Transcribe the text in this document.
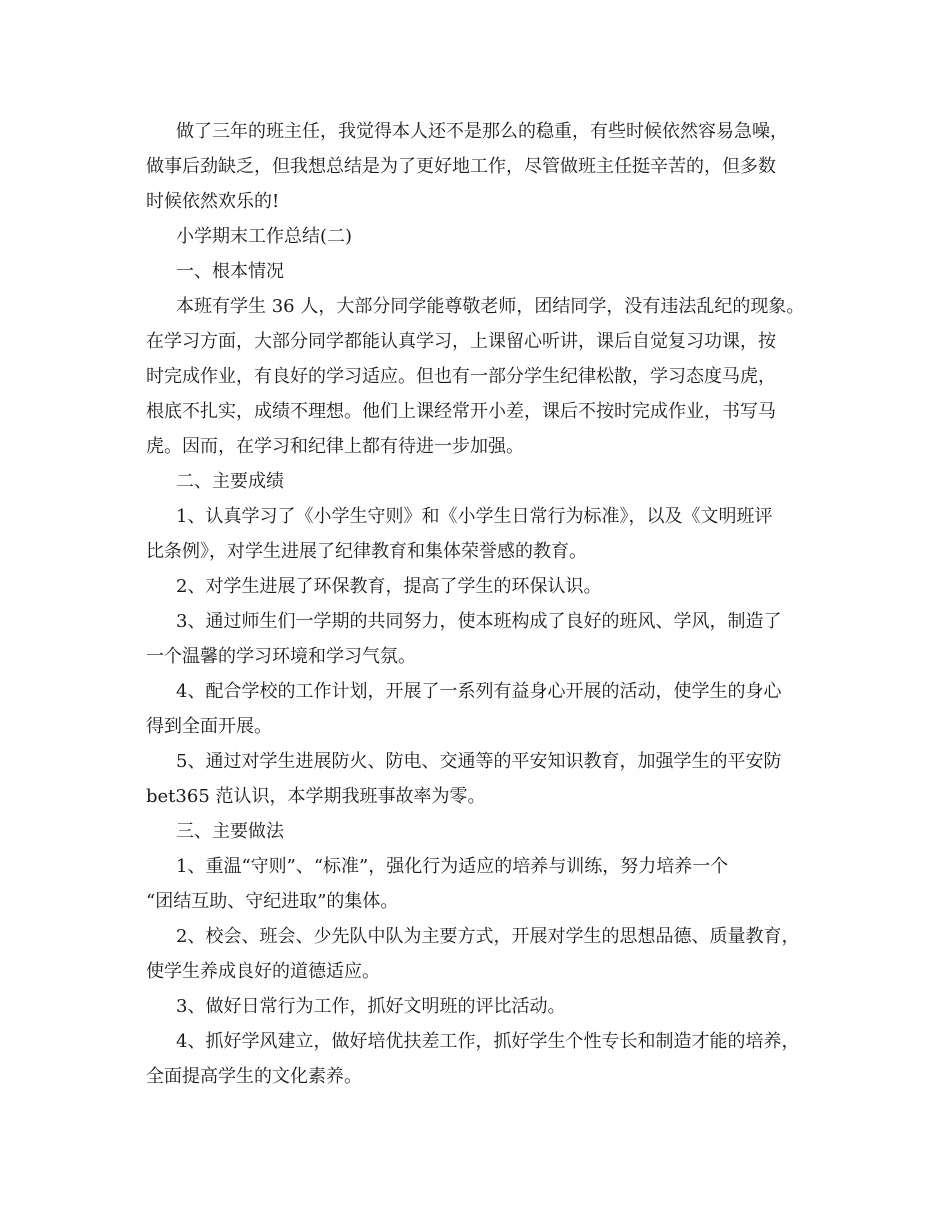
做了三年的班主任，我觉得本人还不是那么的稳重，有些时候依然容易急噪，
做事后劲缺乏，但我想总结是为了更好地工作，尽管做班主任挺辛苦的，但多数
时候依然欢乐的!
小学期末工作总结(二)
一、根本情况
本班有学生 36 人，大部分同学能尊敬老师，团结同学，没有违法乱纪的现象。
在学习方面，大部分同学都能认真学习，上课留心听讲，课后自觉复习功课，按
时完成作业，有良好的学习适应。但也有一部分学生纪律松散，学习态度马虎，
根底不扎实，成绩不理想。他们上课经常开小差，课后不按时完成作业，书写马
虎。因而，在学习和纪律上都有待进一步加强。
二、主要成绩
1、认真学习了《小学生守则》和《小学生日常行为标准》，以及《文明班评
比条例》，对学生进展了纪律教育和集体荣誉感的教育。
2、对学生进展了环保教育，提高了学生的环保认识。
3、通过师生们一学期的共同努力，使本班构成了良好的班风、学风，制造了
一个温馨的学习环境和学习气氛。
4、配合学校的工作计划，开展了一系列有益身心开展的活动，使学生的身心
得到全面开展。
5、通过对学生进展防火、防电、交通等的平安知识教育，加强学生的平安防
bet365 范认识，本学期我班事故率为零。
三、主要做法
1、重温“守则”、“标准”，强化行为适应的培养与训练，努力培养一个
“团结互助、守纪进取”的集体。
2、校会、班会、少先队中队为主要方式，开展对学生的思想品德、质量教育，
使学生养成良好的道德适应。
3、做好日常行为工作，抓好文明班的评比活动。
4、抓好学风建立，做好培优扶差工作，抓好学生个性专长和制造才能的培养，
全面提高学生的文化素养。
